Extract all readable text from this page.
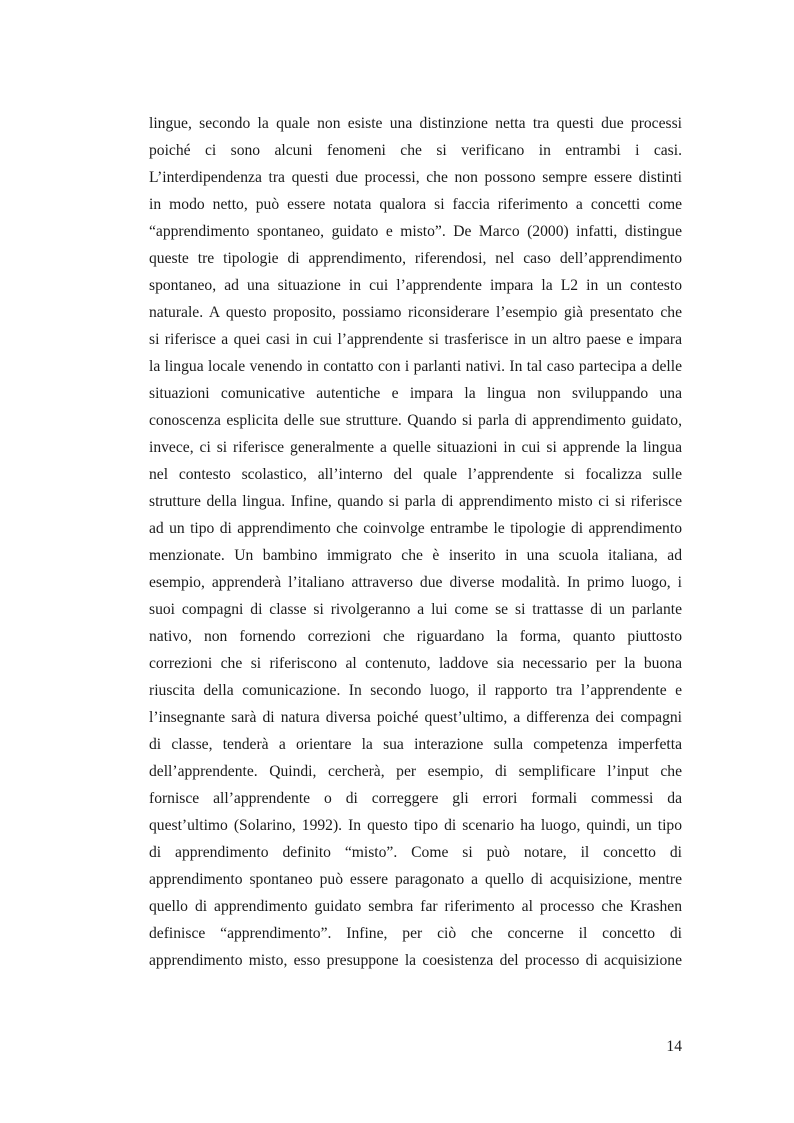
lingue, secondo la quale non esiste una distinzione netta tra questi due processi
poiché ci sono alcuni fenomeni che si verificano in entrambi i casi.
L’interdipendenza tra questi due processi, che non possono sempre essere distinti
in modo netto, può essere notata qualora si faccia riferimento a concetti come
“apprendimento spontaneo, guidato e misto”. De Marco (2000) infatti, distingue
queste tre tipologie di apprendimento, riferendosi, nel caso dell’apprendimento
spontaneo, ad una situazione in cui l’apprendente impara la L2 in un contesto
naturale. A questo proposito, possiamo riconsiderare l’esempio già presentato che
si riferisce a quei casi in cui l’apprendente si trasferisce in un altro paese e impara
la lingua locale venendo in contatto con i parlanti nativi. In tal caso partecipa a delle
situazioni comunicative autentiche e impara la lingua non sviluppando una
conoscenza esplicita delle sue strutture. Quando si parla di apprendimento guidato,
invece, ci si riferisce generalmente a quelle situazioni in cui si apprende la lingua
nel contesto scolastico, all’interno del quale l’apprendente si focalizza sulle
strutture della lingua. Infine, quando si parla di apprendimento misto ci si riferisce
ad un tipo di apprendimento che coinvolge entrambe le tipologie di apprendimento
menzionate. Un bambino immigrato che è inserito in una scuola italiana, ad
esempio, apprenderà l’italiano attraverso due diverse modalità. In primo luogo, i
suoi compagni di classe si rivolgeranno a lui come se si trattasse di un parlante
nativo, non fornendo correzioni che riguardano la forma, quanto piuttosto
correzioni che si riferiscono al contenuto, laddove sia necessario per la buona
riuscita della comunicazione. In secondo luogo, il rapporto tra l’apprendente e
l’insegnante sarà di natura diversa poiché quest’ultimo, a differenza dei compagni
di classe, tenderà a orientare la sua interazione sulla competenza imperfetta
dell’apprendente. Quindi, cercherà, per esempio, di semplificare l’input che
fornisce all’apprendente o di correggere gli errori formali commessi da
quest’ultimo (Solarino, 1992). In questo tipo di scenario ha luogo, quindi, un tipo
di apprendimento definito “misto”. Come si può notare, il concetto di
apprendimento spontaneo può essere paragonato a quello di acquisizione, mentre
quello di apprendimento guidato sembra far riferimento al processo che Krashen
definisce “apprendimento”. Infine, per ciò che concerne il concetto di
apprendimento misto, esso presuppone la coesistenza del processo di acquisizione

14
